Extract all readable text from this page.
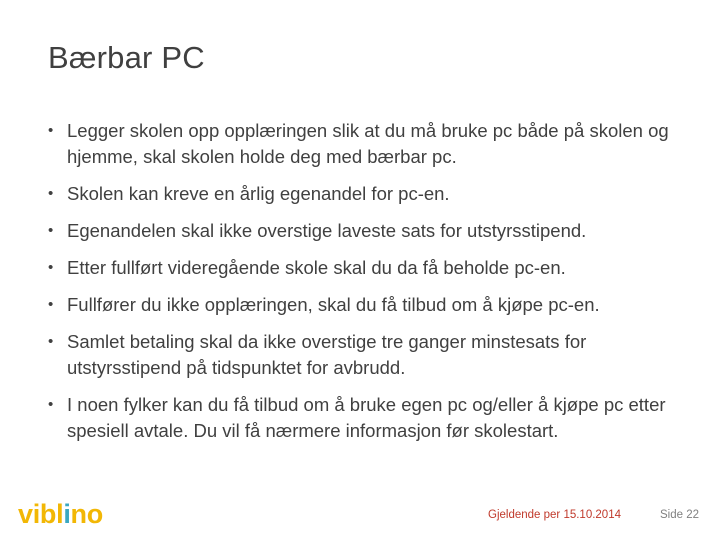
Bærbar PC
• Legger skolen opp opplæringen slik at du må bruke pc både på skolen og hjemme, skal skolen holde deg med bærbar pc.
• Skolen kan kreve en årlig egenandel for pc-en.
• Egenandelen skal ikke overstige laveste sats for utstyrsstipend.
• Etter fullført videregående skole skal du da få beholde pc-en.
• Fullfører du ikke opplæringen, skal du få tilbud om å kjøpe pc-en.
• Samlet betaling skal da ikke overstige tre ganger minstesats for utstyrsstipend på tidspunktet for avbrudd.
• I noen fylker kan du få tilbud om å bruke egen pc og/eller å kjøpe pc etter spesiell avtale. Du vil få nærmere informasjon før skolestart.
viblino	Gjeldende per 15.10.2014	Side 22
